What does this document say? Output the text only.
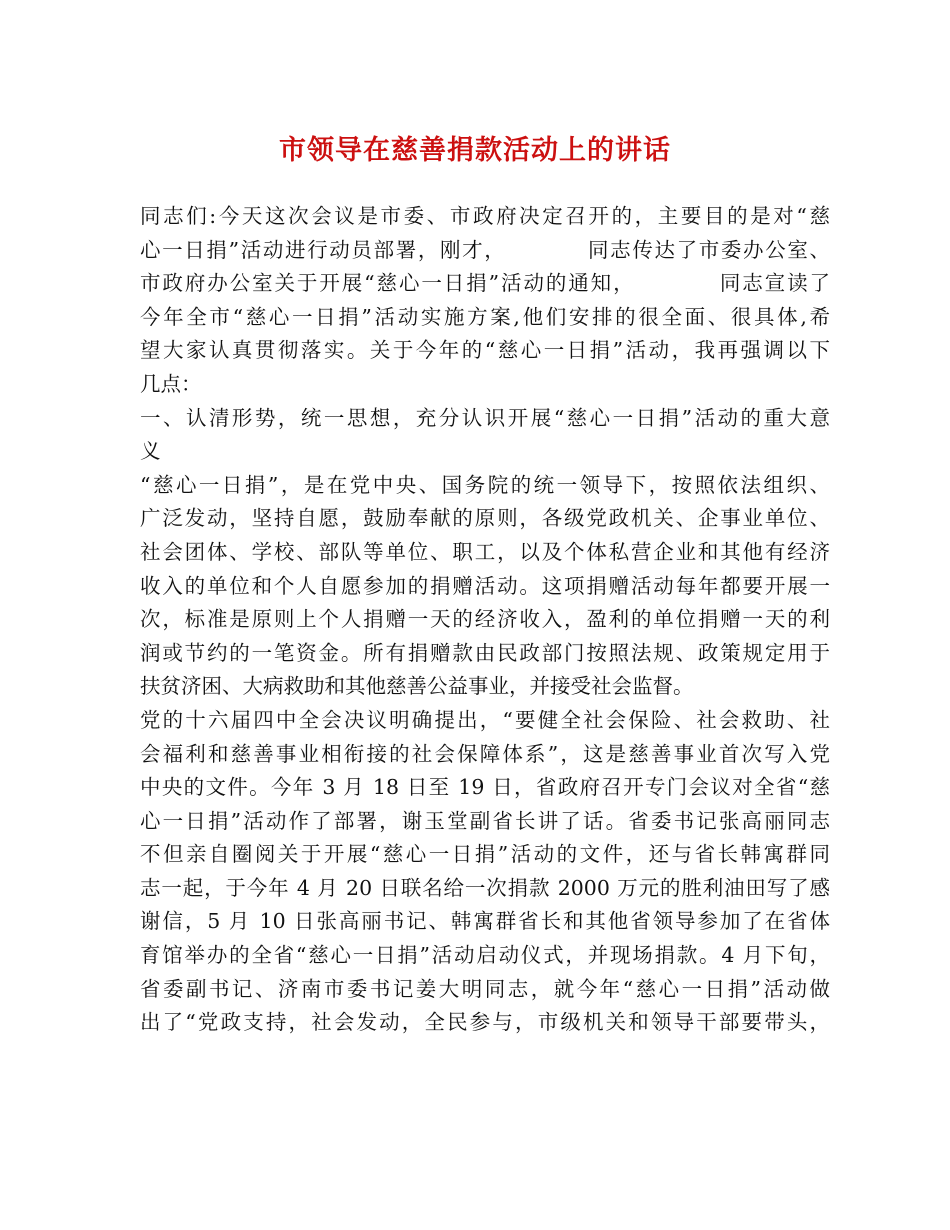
市领导在慈善捐款活动上的讲话
同志们:今天这次会议是市委、市政府决定召开的，主要目的是对“慈
心一日捐”活动进行动员部署，刚才，          同志传达了市委办公室、
市政府办公室关于开展“慈心一日捐”活动的通知，          同志宣读了
今年全市“慈心一日捐”活动实施方案,他们安排的很全面、很具体,希
望大家认真贯彻落实。关于今年的“慈心一日捐”活动，我再强调以下
几点：
一、认清形势，统一思想，充分认识开展“慈心一日捐”活动的重大意
义
“慈心一日捐”，是在党中央、国务院的统一领导下，按照依法组织、
广泛发动，坚持自愿，鼓励奉献的原则，各级党政机关、企事业单位、
社会团体、学校、部队等单位、职工，以及个体私营企业和其他有经济
收入的单位和个人自愿参加的捐赠活动。这项捐赠活动每年都要开展一
次，标准是原则上个人捐赠一天的经济收入，盈利的单位捐赠一天的利
润或节约的一笔资金。所有捐赠款由民政部门按照法规、政策规定用于
扶贫济困、大病救助和其他慈善公益事业，并接受社会监督。
党的十六届四中全会决议明确提出，“要健全社会保险、社会救助、社
会福利和慈善事业相衔接的社会保障体系”，这是慈善事业首次写入党
中央的文件。今年 3 月 18 日至 19 日，省政府召开专门会议对全省“慈
心一日捐”活动作了部署，谢玉堂副省长讲了话。省委书记张高丽同志
不但亲自圈阅关于开展“慈心一日捐”活动的文件，还与省长韩寓群同
志一起，于今年 4 月 20 日联名给一次捐款 2000 万元的胜利油田写了感
谢信，5 月 10 日张高丽书记、韩寓群省长和其他省领导参加了在省体
育馆举办的全省“慈心一日捐”活动启动仪式，并现场捐款。4 月下旬，
省委副书记、济南市委书记姜大明同志，就今年“慈心一日捐”活动做
出了“党政支持，社会发动，全民参与，市级机关和领导干部要带头，
